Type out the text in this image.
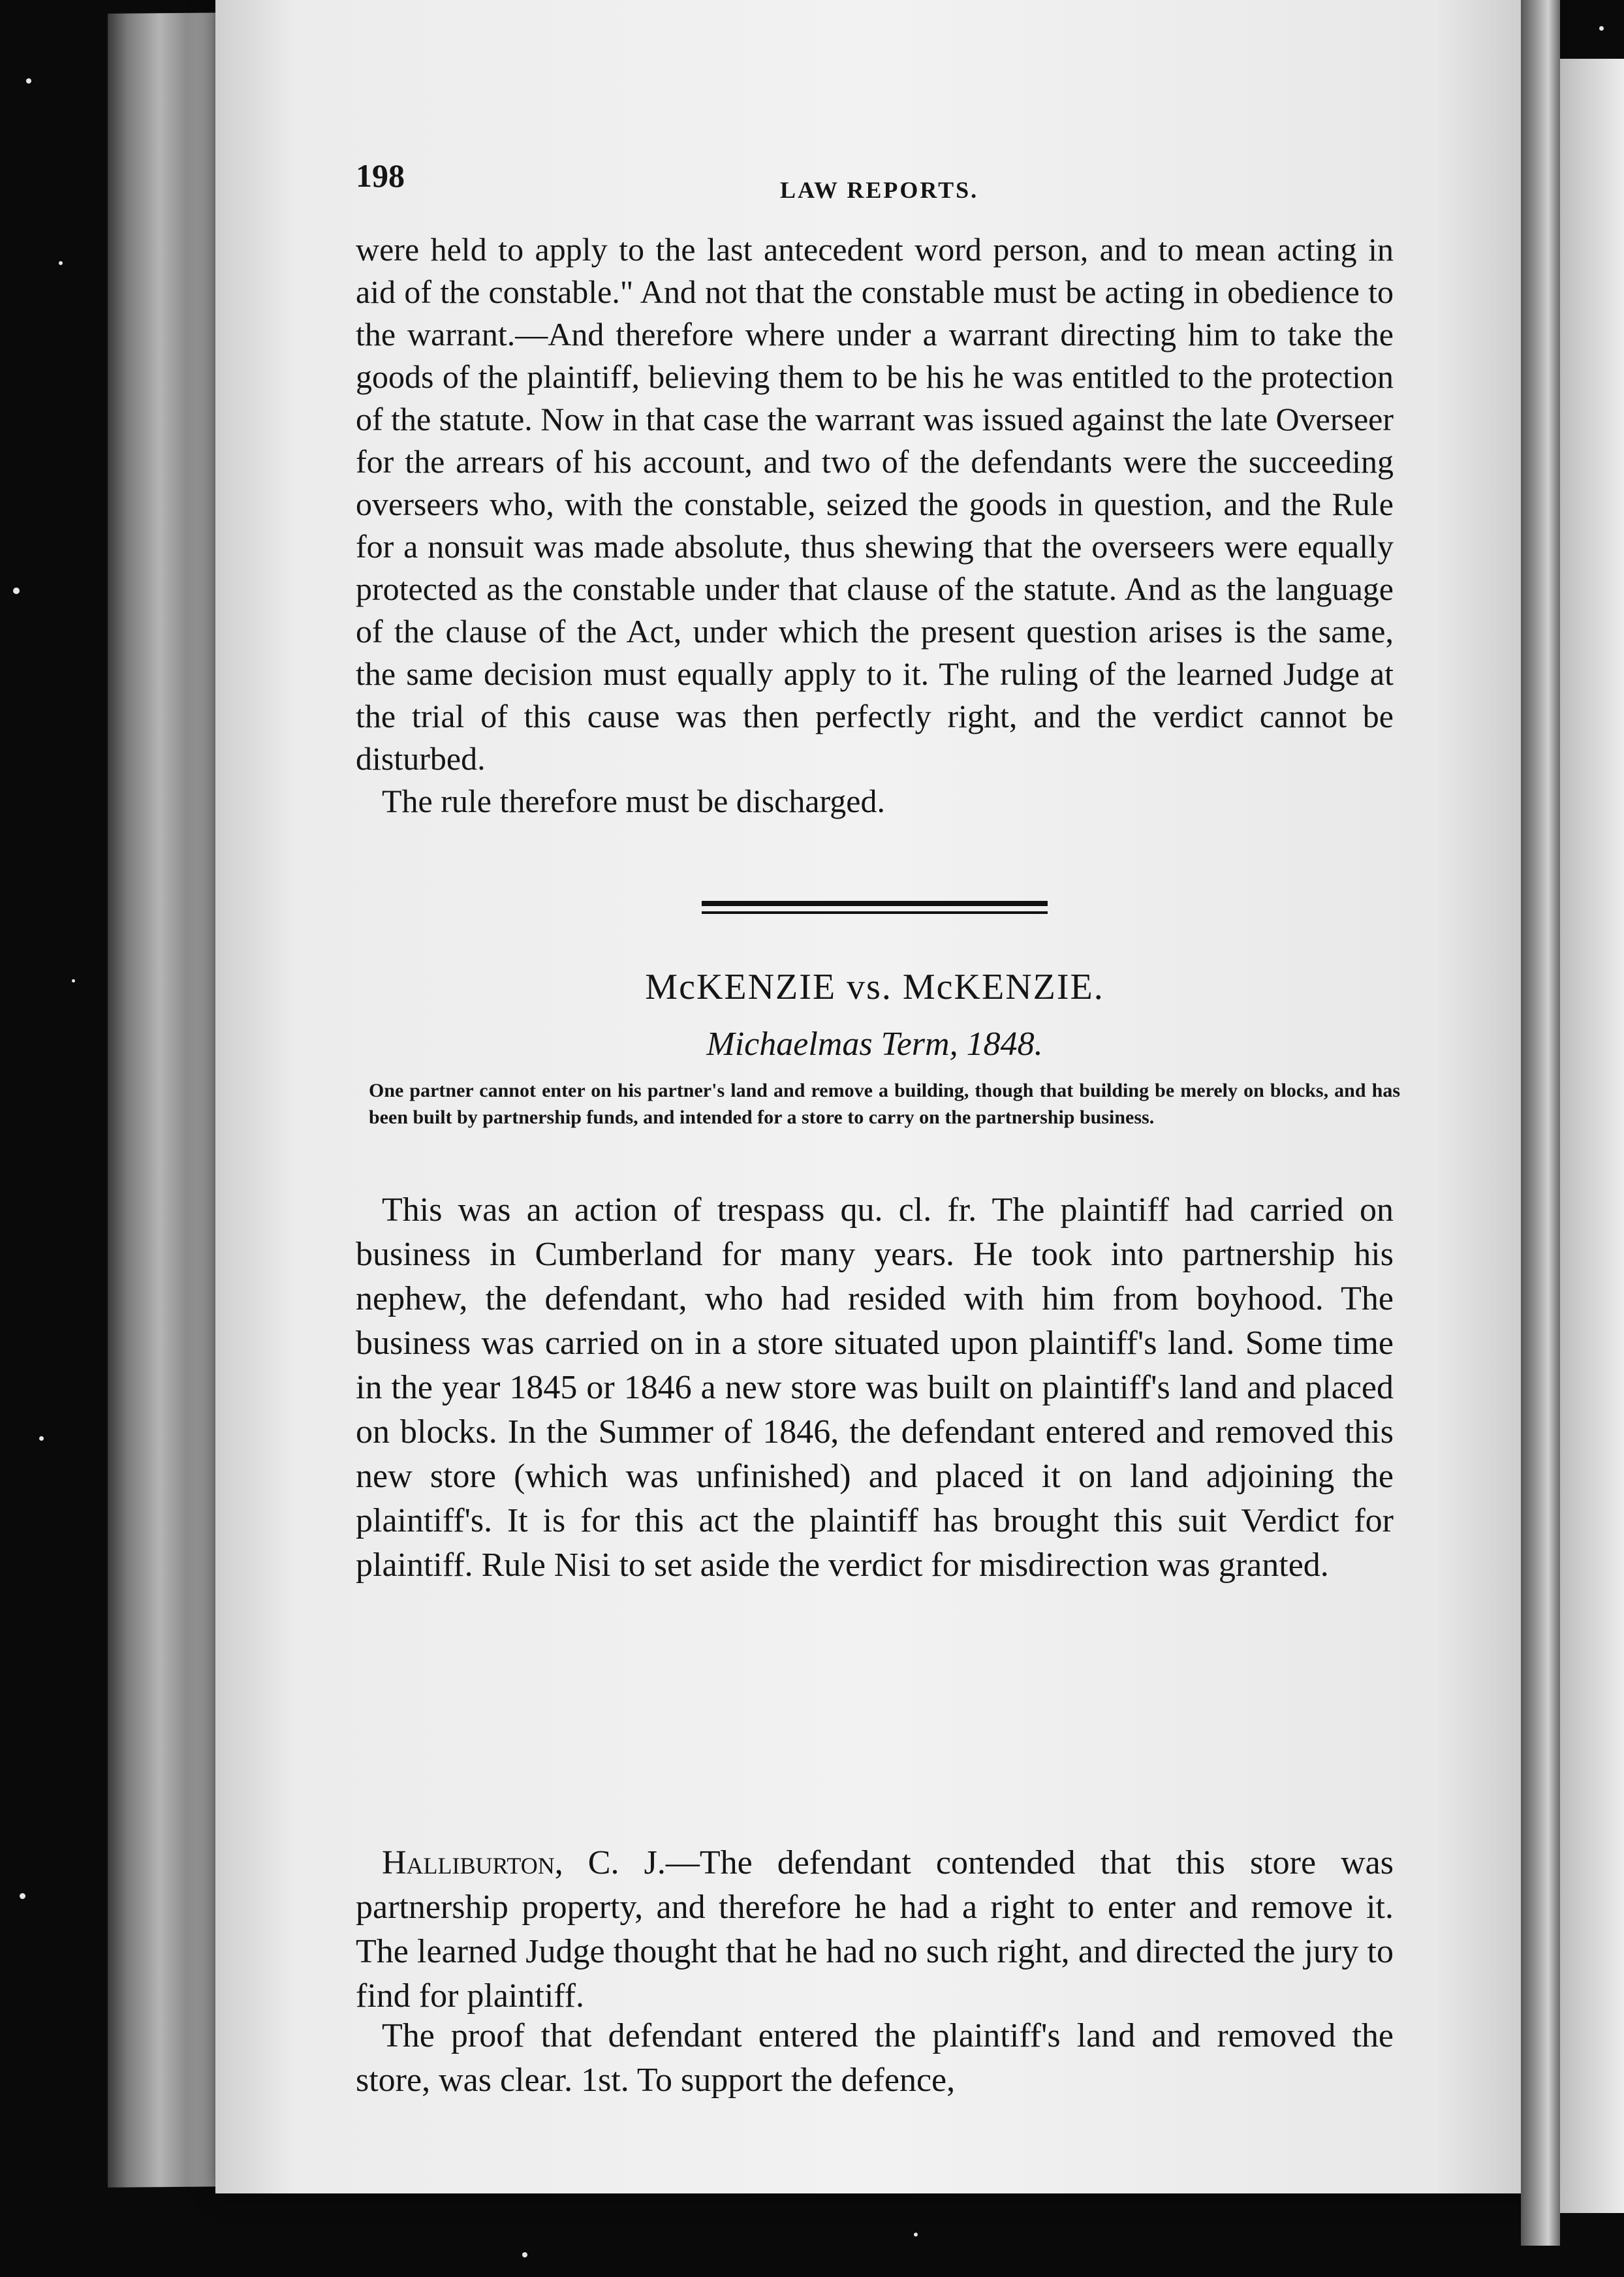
198	LAW REPORTS.

were held to apply to the last antecedent word person, and to mean acting in aid of the constable." And not that the constable must be acting in obedience to the warrant.—And therefore where under a warrant directing him to take the goods of the plaintiff, believing them to be his he was entitled to the protection of the statute. Now in that case the warrant was issued against the late Overseer for the arrears of his account, and two of the defendants were the succeeding overseers who, with the constable, seized the goods in question, and the Rule for a nonsuit was made absolute, thus shewing that the overseers were equally protected as the constable under that clause of the statute. And as the language of the clause of the Act, under which the present question arises is the same, the same decision must equally apply to it. The ruling of the learned Judge at the trial of this cause was then perfectly right, and the verdict cannot be disturbed.
The rule therefore must be discharged.

McKENZIE vs. McKENZIE.
Michaelmas Term, 1848.

One partner cannot enter on his partner's land and remove a building, though that building be merely on blocks, and has been built by partnership funds, and intended for a store to carry on the partnership business.

This was an action of trespass qu. cl. fr. The plaintiff had carried on business in Cumberland for many years. He took into partnership his nephew, the defendant, who had resided with him from boyhood. The business was carried on in a store situated upon plaintiff's land. Some time in the year 1845 or 1846 a new store was built on plaintiff's land and placed on blocks. In the Summer of 1846, the defendant entered and removed this new store (which was unfinished) and placed it on land adjoining the plaintiff's. It is for this act the plaintiff has brought this suit Verdict for plaintiff. Rule Nisi to set aside the verdict for misdirection was granted.

Halliburton, C. J.—The defendant contended that this store was partnership property, and therefore he had a right to enter and remove it. The learned Judge thought that he had no such right, and directed the jury to find for plaintiff.

The proof that defendant entered the plaintiff's land and removed the store, was clear. 1st. To support the defence,
